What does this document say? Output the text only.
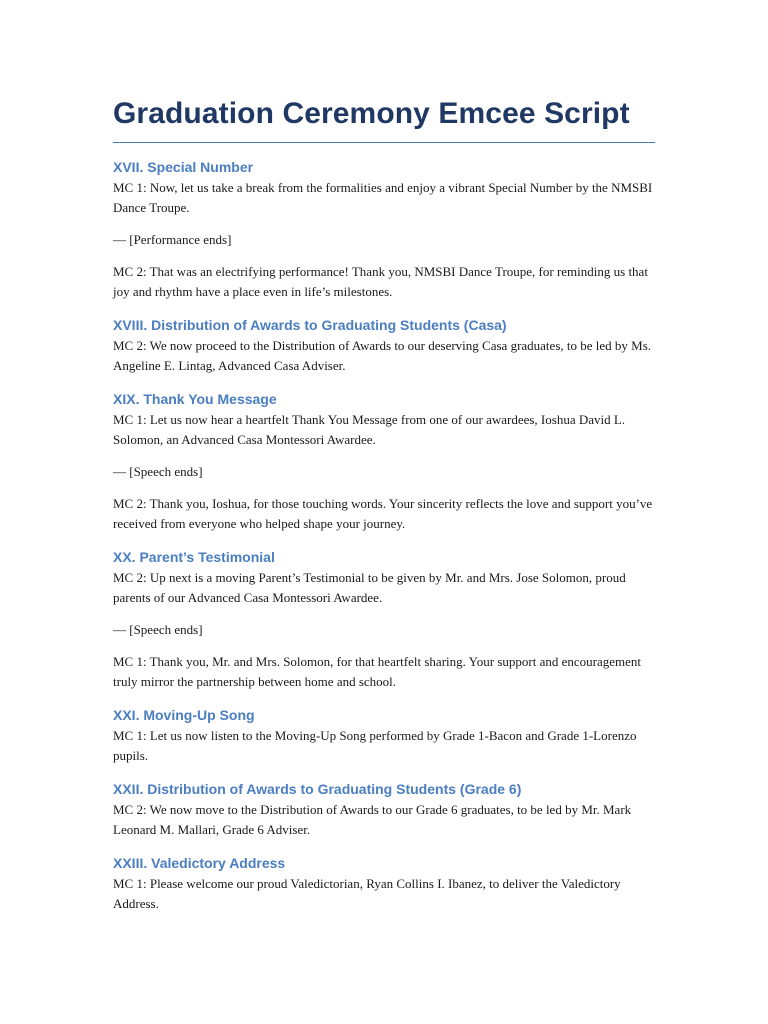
Graduation Ceremony Emcee Script
XVII. Special Number

MC 1: Now, let us take a break from the formalities and enjoy a vibrant Special Number by the NMSBI Dance Troupe.

— [Performance ends]

MC 2: That was an electrifying performance! Thank you, NMSBI Dance Troupe, for reminding us that joy and rhythm have a place even in life’s milestones.

XVIII. Distribution of Awards to Graduating Students (Casa)

MC 2: We now proceed to the Distribution of Awards to our deserving Casa graduates, to be led by Ms. Angeline E. Lintag, Advanced Casa Adviser.

XIX. Thank You Message

MC 1: Let us now hear a heartfelt Thank You Message from one of our awardees, Ioshua David L. Solomon, an Advanced Casa Montessori Awardee.

— [Speech ends]

MC 2: Thank you, Ioshua, for those touching words. Your sincerity reflects the love and support you’ve received from everyone who helped shape your journey.

XX. Parent’s Testimonial

MC 2: Up next is a moving Parent’s Testimonial to be given by Mr. and Mrs. Jose Solomon, proud parents of our Advanced Casa Montessori Awardee.

— [Speech ends]

MC 1: Thank you, Mr. and Mrs. Solomon, for that heartfelt sharing. Your support and encouragement truly mirror the partnership between home and school.

XXI. Moving-Up Song

MC 1: Let us now listen to the Moving-Up Song performed by Grade 1-Bacon and Grade 1-Lorenzo pupils.

XXII. Distribution of Awards to Graduating Students (Grade 6)

MC 2: We now move to the Distribution of Awards to our Grade 6 graduates, to be led by Mr. Mark Leonard M. Mallari, Grade 6 Adviser.

XXIII. Valedictory Address

MC 1: Please welcome our proud Valedictorian, Ryan Collins I. Ibanez, to deliver the Valedictory Address.
